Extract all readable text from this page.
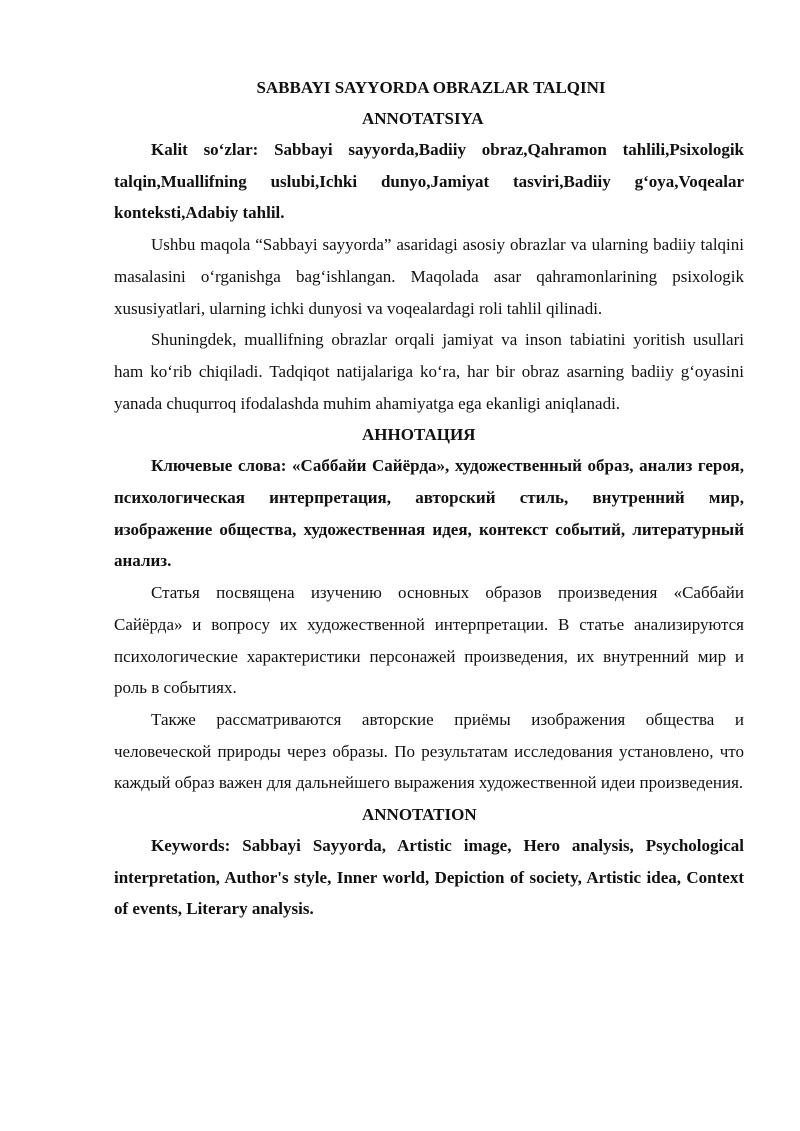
SABBAYI SAYYORDA OBRAZLAR TALQINI
ANNOTATSIYA

Kalit so‘zlar: Sabbayi sayyorda,Badiiy obraz,Qahramon tahlili,Psixologik talqin,Muallifning uslubi,Ichki dunyo,Jamiyat tasviri,Badiiy g‘oya,Voqealar konteksti,Adabiy tahlil.

Ushbu maqola “Sabbayi sayyorda” asaridagi asosiy obrazlar va ularning badiiy talqini masalasini o‘rganishga bag‘ishlangan. Maqolada asar qahramonlarining psixologik xususiyatlari, ularning ichki dunyosi va voqealardagi roli tahlil qilinadi.

Shuningdek, muallifning obrazlar orqali jamiyat va inson tabiatini yoritish usullari ham ko‘rib chiqiladi. Tadqiqot natijalariga ko‘ra, har bir obraz asarning badiiy g‘oyasini yanada chuqurroq ifodalashda muhim ahamiyatga ega ekanligi aniqlanadi.

АННОТАЦИЯ

Ключевые слова: «Саббайи Сайёрда», художественный образ, анализ героя, психологическая интерпретация, авторский стиль, внутренний мир, изображение общества, художественная идея, контекст событий, литературный анализ.

Статья посвящена изучению основных образов произведения «Саббайи Сайёрда» и вопросу их художественной интерпретации. В статье анализируются психологические характеристики персонажей произведения, их внутренний мир и роль в событиях.

Также рассматриваются авторские приёмы изображения общества и человеческой природы через образы. По результатам исследования установлено, что каждый образ важен для дальнейшего выражения художественной идеи произведения.

ANNOTATION

Keywords: Sabbayi Sayyorda, Artistic image, Hero analysis, Psychological interpretation, Author's style, Inner world, Depiction of society, Artistic idea, Context of events, Literary analysis.
